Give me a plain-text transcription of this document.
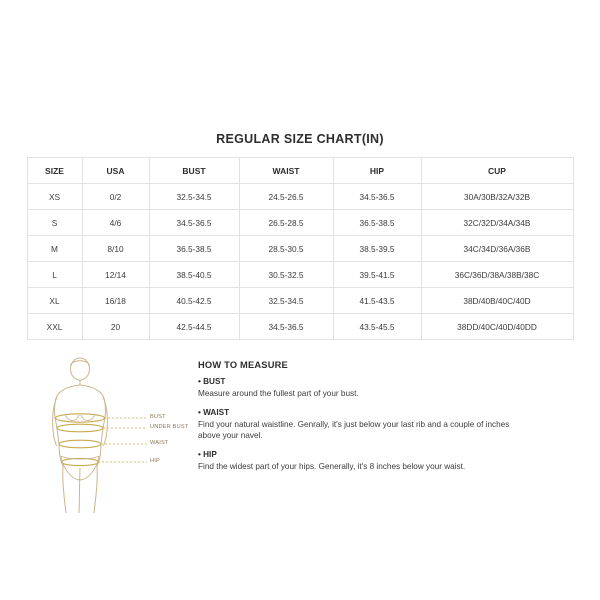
REGULAR SIZE CHART(IN)
SIZE	USA	BUST	WAIST	HIP	CUP
XS	0/2	32.5-34.5	24.5-26.5	34.5-36.5	30A/30B/32A/32B
S	4/6	34.5-36.5	26.5-28.5	36.5-38.5	32C/32D/34A/34B
M	8/10	36.5-38.5	28.5-30.5	38.5-39.5	34C/34D/36A/36B
L	12/14	38.5-40.5	30.5-32.5	39.5-41.5	36C/36D/38A/38B/38C
XL	16/18	40.5-42.5	32.5-34.5	41.5-43.5	38D/40B/40C/40D
XXL	20	42.5-44.5	34.5-36.5	43.5-45.5	38DD/40C/40D/40DD
BUST
UNDER BUST
WAIST
HIP
HOW TO MEASURE

• BUST

Measure around the fullest part of your bust.

• WAIST

Find your natural waistline. Genrally, it's just below your last rib and a couple of inches above your navel.

• HIP

Find the widest part of your hips. Generally, it's 8 inches below your waist.
